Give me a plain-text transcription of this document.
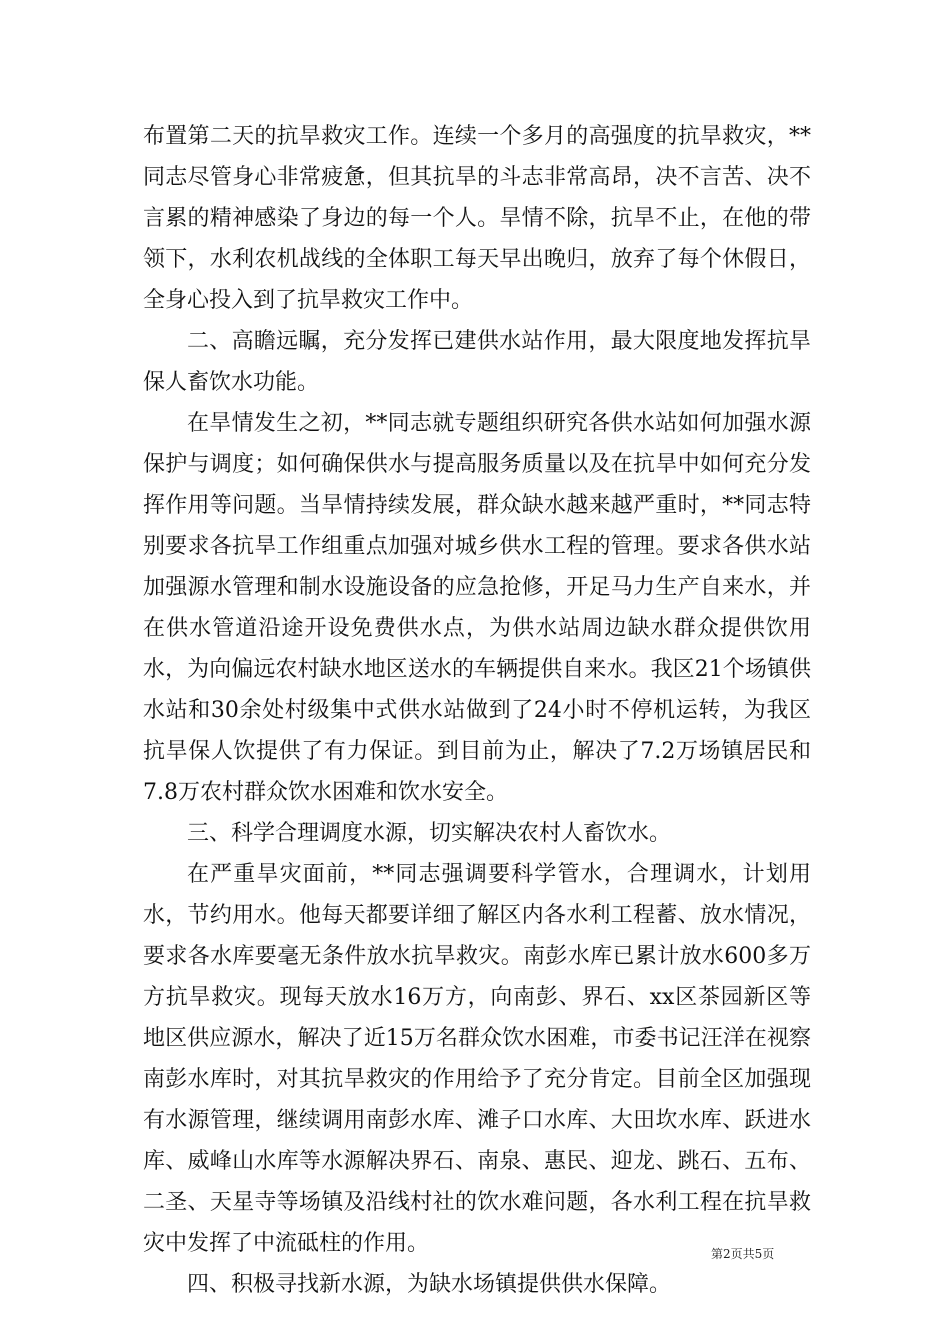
布置第二天的抗旱救灾工作。连续一个多月的高强度的抗旱救灾，**同志尽管身心非常疲惫，但其抗旱的斗志非常高昂，决不言苦、决不言累的精神感染了身边的每一个人。旱情不除，抗旱不止，在他的带领下，水利农机战线的全体职工每天早出晚归，放弃了每个休假日，全身心投入到了抗旱救灾工作中。

二、高瞻远瞩，充分发挥已建供水站作用，最大限度地发挥抗旱保人畜饮水功能。

在旱情发生之初，**同志就专题组织研究各供水站如何加强水源保护与调度；如何确保供水与提高服务质量以及在抗旱中如何充分发挥作用等问题。当旱情持续发展，群众缺水越来越严重时，**同志特别要求各抗旱工作组重点加强对城乡供水工程的管理。要求各供水站加强源水管理和制水设施设备的应急抢修，开足马力生产自来水，并在供水管道沿途开设免费供水点，为供水站周边缺水群众提供饮用水，为向偏远农村缺水地区送水的车辆提供自来水。我区21个场镇供水站和30余处村级集中式供水站做到了24小时不停机运转，为我区抗旱保人饮提供了有力保证。到目前为止，解决了7.2万场镇居民和7.8万农村群众饮水困难和饮水安全。

三、科学合理调度水源，切实解决农村人畜饮水。

在严重旱灾面前，**同志强调要科学管水，合理调水，计划用水，节约用水。他每天都要详细了解区内各水利工程蓄、放水情况，要求各水库要毫无条件放水抗旱救灾。南彭水库已累计放水600多万方抗旱救灾。现每天放水16万方，向南彭、界石、xx区茶园新区等地区供应源水，解决了近15万名群众饮水困难，市委书记汪洋在视察南彭水库时，对其抗旱救灾的作用给予了充分肯定。目前全区加强现有水源管理，继续调用南彭水库、滩子口水库、大田坎水库、跃进水库、威峰山水库等水源解决界石、南泉、惠民、迎龙、跳石、五布、二圣、天星寺等场镇及沿线村社的饮水难问题，各水利工程在抗旱救灾中发挥了中流砥柱的作用。

四、积极寻找新水源，为缺水场镇提供供水保障。

第2页共5页
